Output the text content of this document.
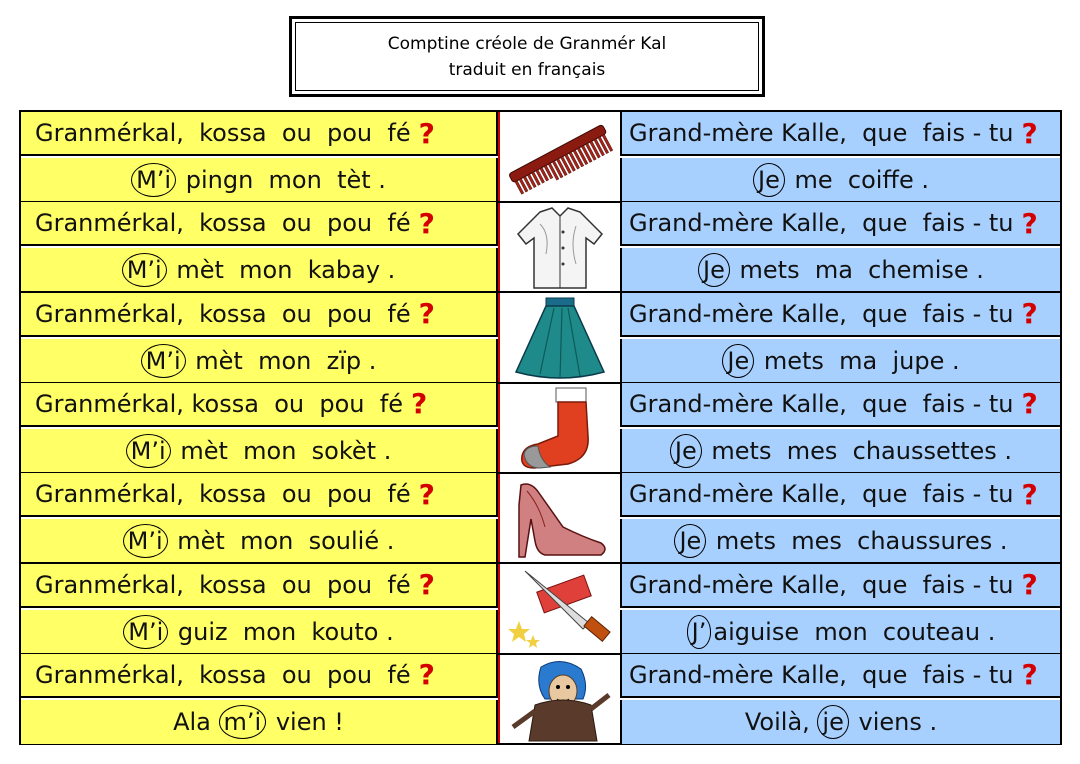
Comptine créole de Granmér Kal
traduit en français
Granmérkal,  kossa  ou  pou  fé ?
M’i pingn  mon  tèt .
Grand-mère Kalle,  que  fais - tu ?
Je me  coiffe .
Granmérkal,  kossa  ou  pou  fé ?
M’i mèt  mon  kabay .
Grand-mère Kalle,  que  fais - tu ?
Je mets  ma  chemise .
Granmérkal,  kossa  ou  pou  fé ?
M’i mèt  mon  zïp .
Grand-mère Kalle,  que  fais - tu ?
Je mets  ma  jupe .
Granmérkal, kossa  ou  pou  fé ?
M’i mèt  mon  sokèt .
Grand-mère Kalle,  que  fais - tu ?
Je mets  mes  chaussettes .
Granmérkal,  kossa  ou  pou  fé ?
M’i mèt  mon  soulié .
Grand-mère Kalle,  que  fais - tu ?
Je mets  mes  chaussures .
Granmérkal,  kossa  ou  pou  fé ?
M’i guiz  mon  kouto .
Grand-mère Kalle,  que  fais - tu ?
J’ aiguise  mon  couteau .
Granmérkal,  kossa  ou  pou  fé ?
Ala m’i vien !
Grand-mère Kalle,  que  fais - tu ?
Voilà, je viens .
